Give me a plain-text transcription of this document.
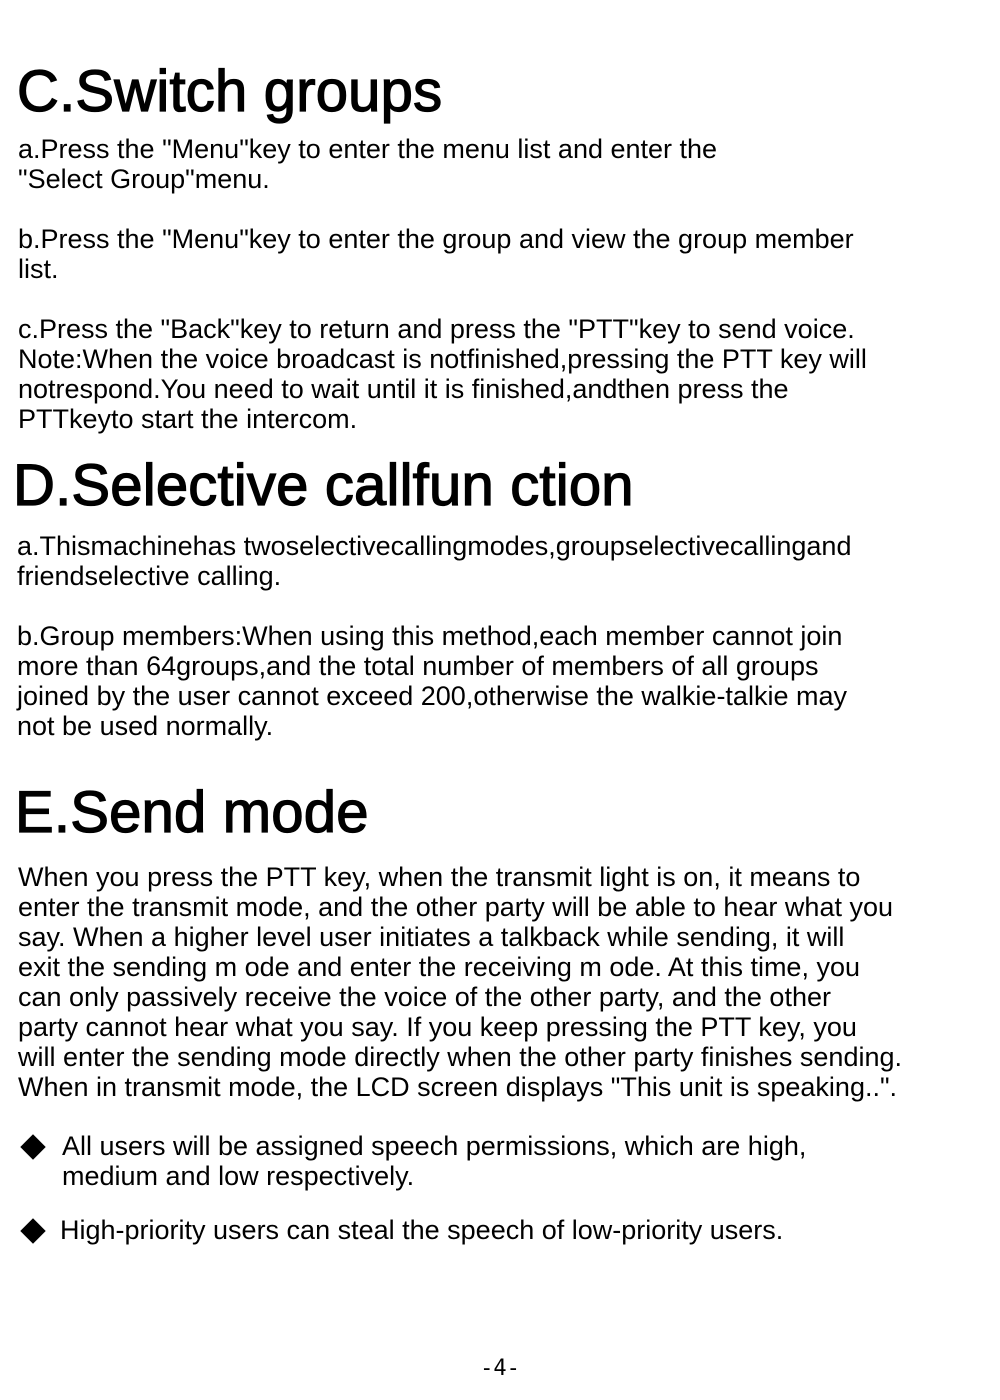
C.Switch groups

a.Press the "Menu"key to enter the menu list and enter the
"Select Group"menu.

b.Press the "Menu"key to enter the group and view the group member
list.

c.Press the "Back"key to return and press the "PTT"key to send voice.
Note:When the voice broadcast is notfinished,pressing the PTT key will
notrespond.You need to wait until it is finished,andthen press the
PTTkeyto start the intercom.

D.Selective callfun ction

a.Thismachinehas twoselectivecallingmodes,groupselectivecallingand
friendselective calling.

b.Group members:When using this method,each member cannot join
more than 64groups,and the total number of members of all groups
joined by the user cannot exceed 200,otherwise the walkie-talkie may
not be used normally.

E.Send mode

When you press the PTT key, when the transmit light is on, it means to
enter the transmit mode, and the other party will be able to hear what you
say. When a higher level user initiates a talkback while sending, it will
exit the sending m ode and enter the receiving m ode. At this time, you
can only passively receive the voice of the other party, and the other
party cannot hear what you say. If you keep pressing the PTT key, you
will enter the sending mode directly when the other party finishes sending.
When in transmit mode, the LCD screen displays "This unit is speaking..".

All users will be assigned speech permissions, which are high,
medium and low respectively.
High-priority users can steal the speech of low-priority users.
-4-
